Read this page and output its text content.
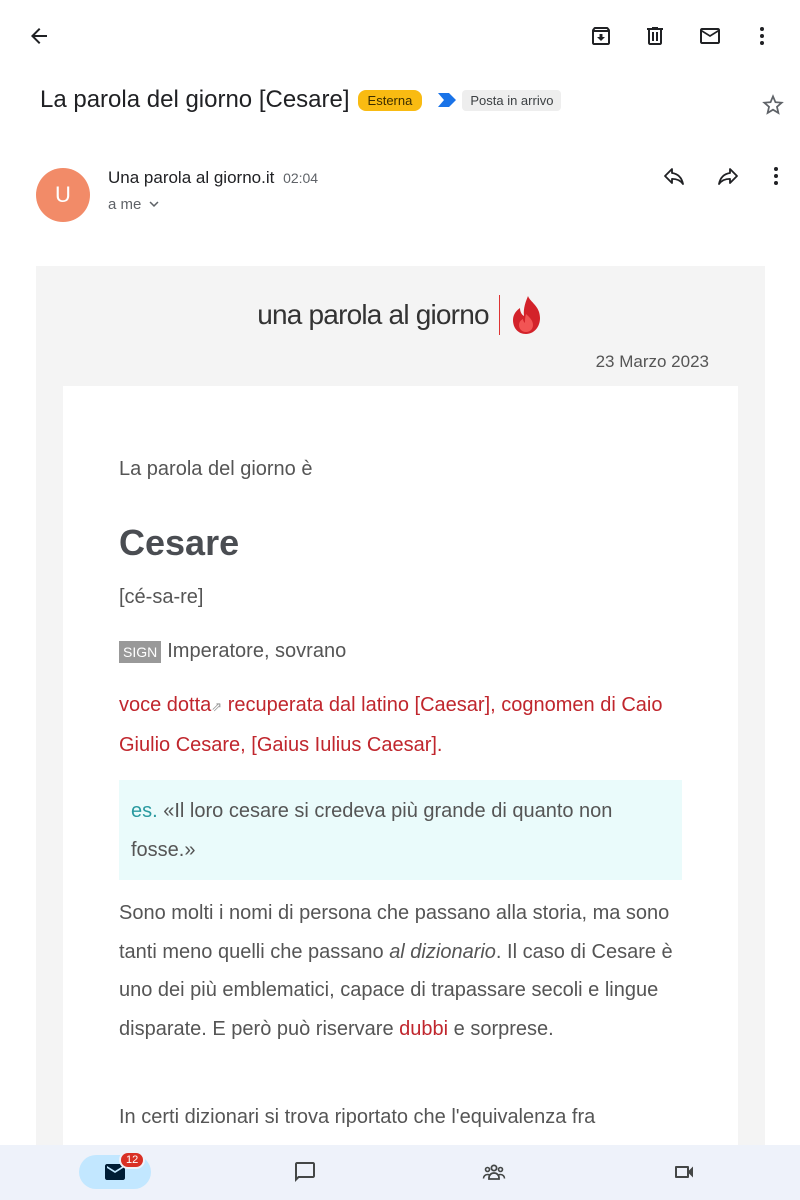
La parola del giorno [Cesare]	Esterna	Posta in arrivo
U
Una parola al giorno.it 02:04
a me
una parola al giorno
23 Marzo 2023
La parola del giorno è
Cesare
[cé-sa-re]
SIGN Imperatore, sovrano
voce dotta⇗ recuperata dal latino [Caesar], cognomen di Caio Giulio Cesare, [Gaius Iulius Caesar].
es. «Il loro cesare si credeva più grande di quanto non fosse.»
Sono molti i nomi di persona che passano alla storia, ma sono tanti meno quelli che passano al dizionario. Il caso di Cesare è uno dei più emblematici, capace di trapassare secoli e lingue disparate. E però può riservare dubbi e sorprese.
In certi dizionari si trova riportato che l'equivalenza fra
12
